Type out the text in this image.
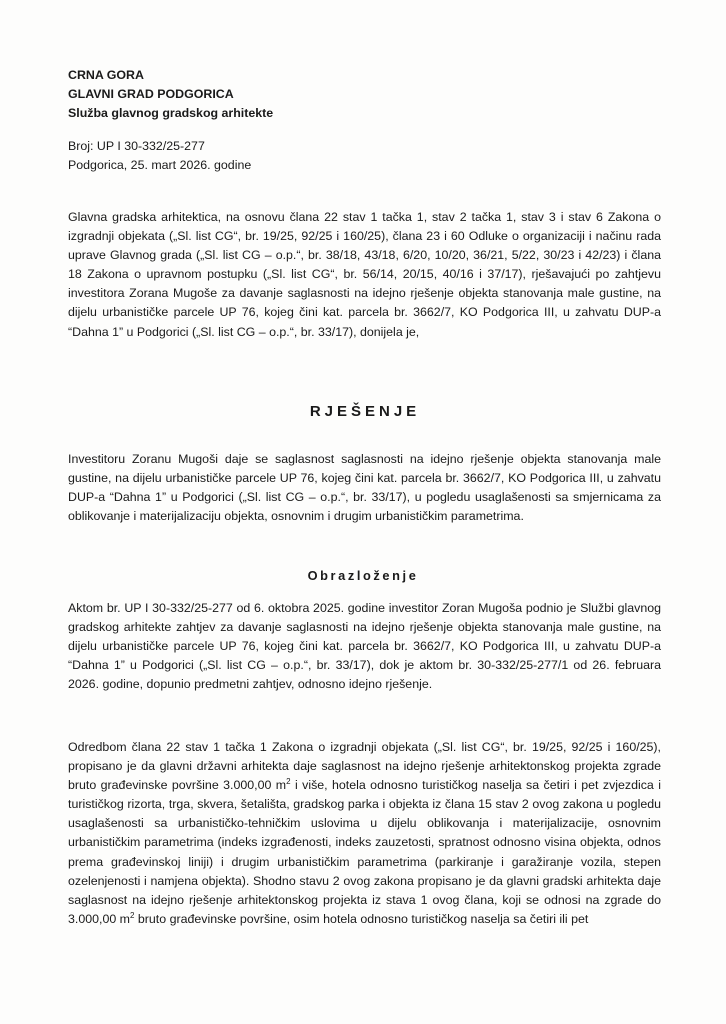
CRNA GORA
GLAVNI GRAD PODGORICA
Služba glavnog gradskog arhitekte
Broj: UP I 30-332/25-277
Podgorica, 25. mart 2026. godine

Glavna gradska arhitektica, na osnovu člana 22 stav 1 tačka 1, stav 2 tačka 1, stav 3 i stav 6 Zakona o izgradnji objekata („Sl. list CG“, br. 19/25, 92/25 i 160/25), člana 23 i 60 Odluke o organizaciji i načinu rada uprave Glavnog grada („Sl. list CG – o.p.“, br. 38/18, 43/18, 6/20, 10/20, 36/21, 5/22, 30/23 i 42/23) i člana 18 Zakona o upravnom postupku („Sl. list CG“, br. 56/14, 20/15, 40/16 i 37/17), rješavajući po zahtjevu investitora Zorana Mugoše za davanje saglasnosti na idejno rješenje objekta stanovanja male gustine, na dijelu urbanističke parcele UP 76, kojeg čini kat. parcela br. 3662/7, KO Podgorica III, u zahvatu DUP-a “Dahna 1” u Podgorici („Sl. list CG – o.p.“, br. 33/17), donijela je,

RJEŠENJE

Investitoru Zoranu Mugoši daje se saglasnost saglasnosti na idejno rješenje objekta stanovanja male gustine, na dijelu urbanističke parcele UP 76, kojeg čini kat. parcela br. 3662/7, KO Podgorica III, u zahvatu DUP-a “Dahna 1” u Podgorici („Sl. list CG – o.p.“, br. 33/17), u pogledu usaglašenosti sa smjernicama za oblikovanje i materijalizaciju objekta, osnovnim i drugim urbanističkim parametrima.

Obrazloženje

Aktom br. UP I 30-332/25-277 od 6. oktobra 2025. godine investitor Zoran Mugoša podnio je Službi glavnog gradskog arhitekte zahtjev za davanje saglasnosti na idejno rješenje objekta stanovanja male gustine, na dijelu urbanističke parcele UP 76, kojeg čini kat. parcela br. 3662/7, KO Podgorica III, u zahvatu DUP-a “Dahna 1” u Podgorici („Sl. list CG – o.p.“, br. 33/17), dok je aktom br. 30-332/25-277/1 od 26. februara 2026. godine, dopunio predmetni zahtjev, odnosno idejno rješenje.

Odredbom člana 22 stav 1 tačka 1 Zakona o izgradnji objekata („Sl. list CG“, br. 19/25, 92/25 i 160/25), propisano je da glavni državni arhitekta daje saglasnost na idejno rješenje arhitektonskog projekta zgrade bruto građevinske površine 3.000,00 $m^2$ i više, hotela odnosno turističkog naselja sa četiri i pet zvjezdica i turističkog rizorta, trga, skvera, šetališta, gradskog parka i objekta iz člana 15 stav 2 ovog zakona u pogledu usaglašenosti sa urbanističko-tehničkim uslovima u dijelu oblikovanja i materijalizacije, osnovnim urbanističkim parametrima (indeks izgrađenosti, indeks zauzetosti, spratnost odnosno visina objekta, odnos prema građevinskoj liniji) i drugim urbanističkim parametrima (parkiranje i garažiranje vozila, stepen ozelenjenosti i namjena objekta). Shodno stavu 2 ovog zakona propisano je da glavni gradski arhitekta daje saglasnost na idejno rješenje arhitektonskog projekta iz stava 1 ovog člana, koji se odnosi na zgrade do 3.000,00 $m^2$ bruto građevinske površine, osim hotela odnosno turističkog naselja sa četiri ili pet
